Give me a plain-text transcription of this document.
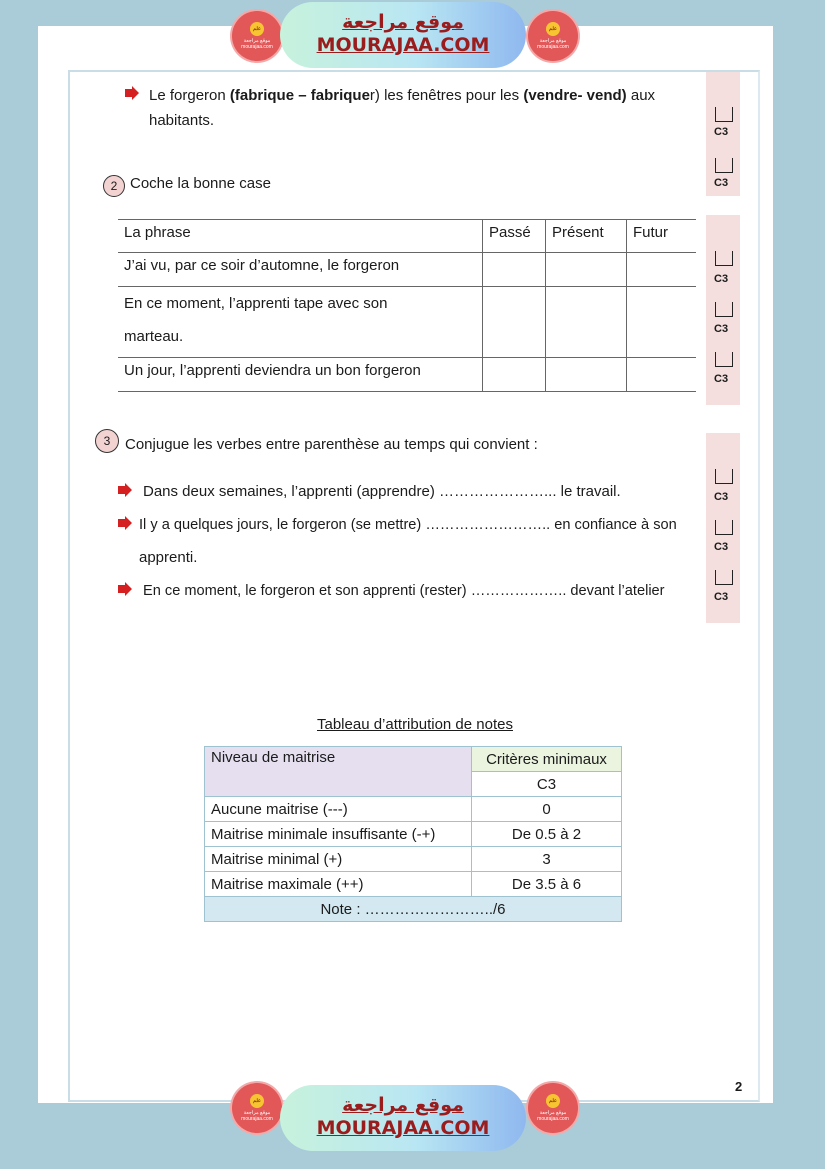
علم
موقع مراجعة
mourajaa.com
موقع مراجعة
MOURAJAA.COM
علم
موقع مراجعة
mourajaa.com
Le forgeron (fabrique – fabriquer) les fenêtres pour les (vendre- vend) aux
habitants.
C3
C3
2 Coche la bonne case
La phrase	Passé	Présent	Futur
J’ai vu, par ce soir d’automne, le forgeron			
En ce moment, l’apprenti tape avec son
marteau.			
Un jour, l’apprenti deviendra un bon forgeron			
C3
C3
C3
3 Conjugue les verbes entre parenthèse au temps qui convient :
Dans deux semaines, l’apprenti (apprendre) …………………... le travail.
Il y a quelques jours, le forgeron (se mettre) …………………….. en confiance à son
apprenti.
En ce moment, le forgeron et son apprenti (rester) ……………….. devant l’atelier
C3
C3
C3
Tableau d’attribution de notes
Niveau de maitrise	Critères minimaux
	C3
Aucune maitrise (---)	0
Maitrise minimale insuffisante (-+)	De 0.5 à 2
Maitrise minimal (+)	3
Maitrise maximale (++)	De 3.5 à 6
Note : ……………………../6	
2
علم
موقع مراجعة
mourajaa.com
موقع مراجعة
MOURAJAA.COM
علم
موقع مراجعة
mourajaa.com
